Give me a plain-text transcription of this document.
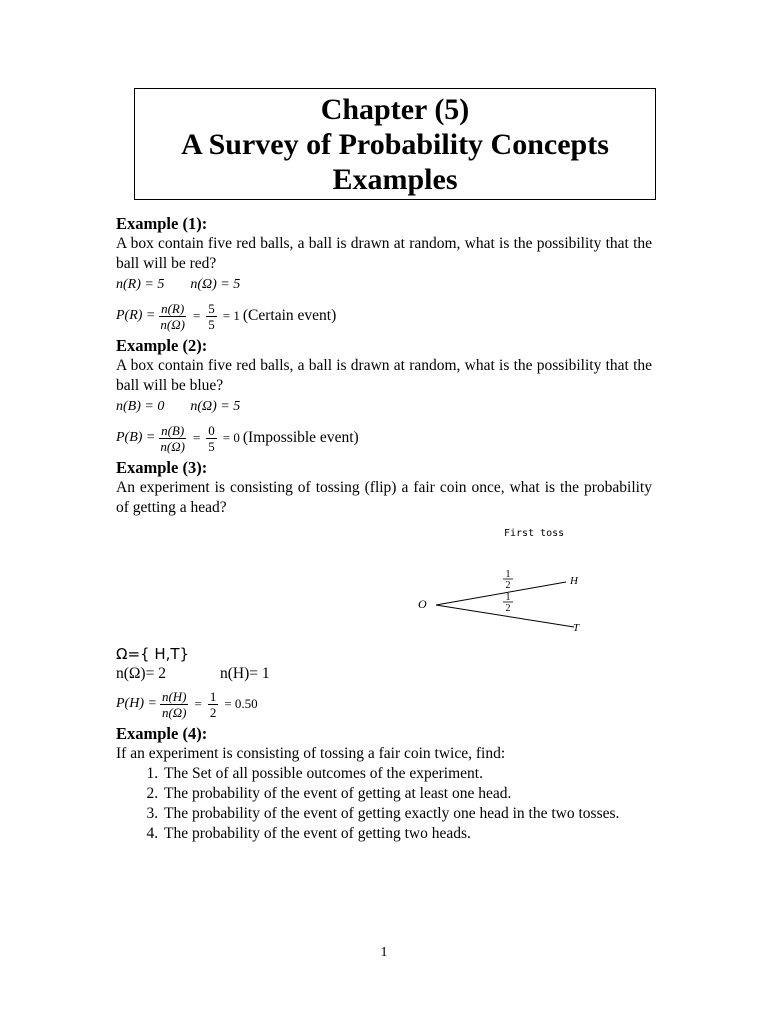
Chapter (5)
A Survey of Probability Concepts
Examples
Example (1):
A box contain five red balls, a ball is drawn at random, what is the possibility that the ball will be red?
n(R) = 5 n(Ω) = 5
$P(R) = \frac{n(R)}{n(\Omega)} = \frac{5}{5} = 1$ (Certain event)
Example (2):
A box contain five red balls, a ball is drawn at random, what is the possibility that the ball will be blue?
n(B) = 0 n(Ω) = 5
$P(B) = \frac{n(B)}{n(\Omega)} = \frac{0}{5} = 0$ (Impossible event)
Example (3):
An experiment is consisting of tossing (flip) a fair coin once, what is the probability of getting a head?
First toss
O
H
T
1
2
1
2
Ω={ H,T}
n(Ω)= 2	n(H)= 1
$P(H) = \frac{n(H)}{n(\Omega)} = \frac{1}{2} = 0.50$
Example (4):
If an experiment is consisting of tossing a fair coin twice, find:
1. The Set of all possible outcomes of the experiment.
2. The probability of the event of getting at least one head.
3. The probability of the event of getting exactly one head in the two tosses.
4. The probability of the event of getting two heads.
1
